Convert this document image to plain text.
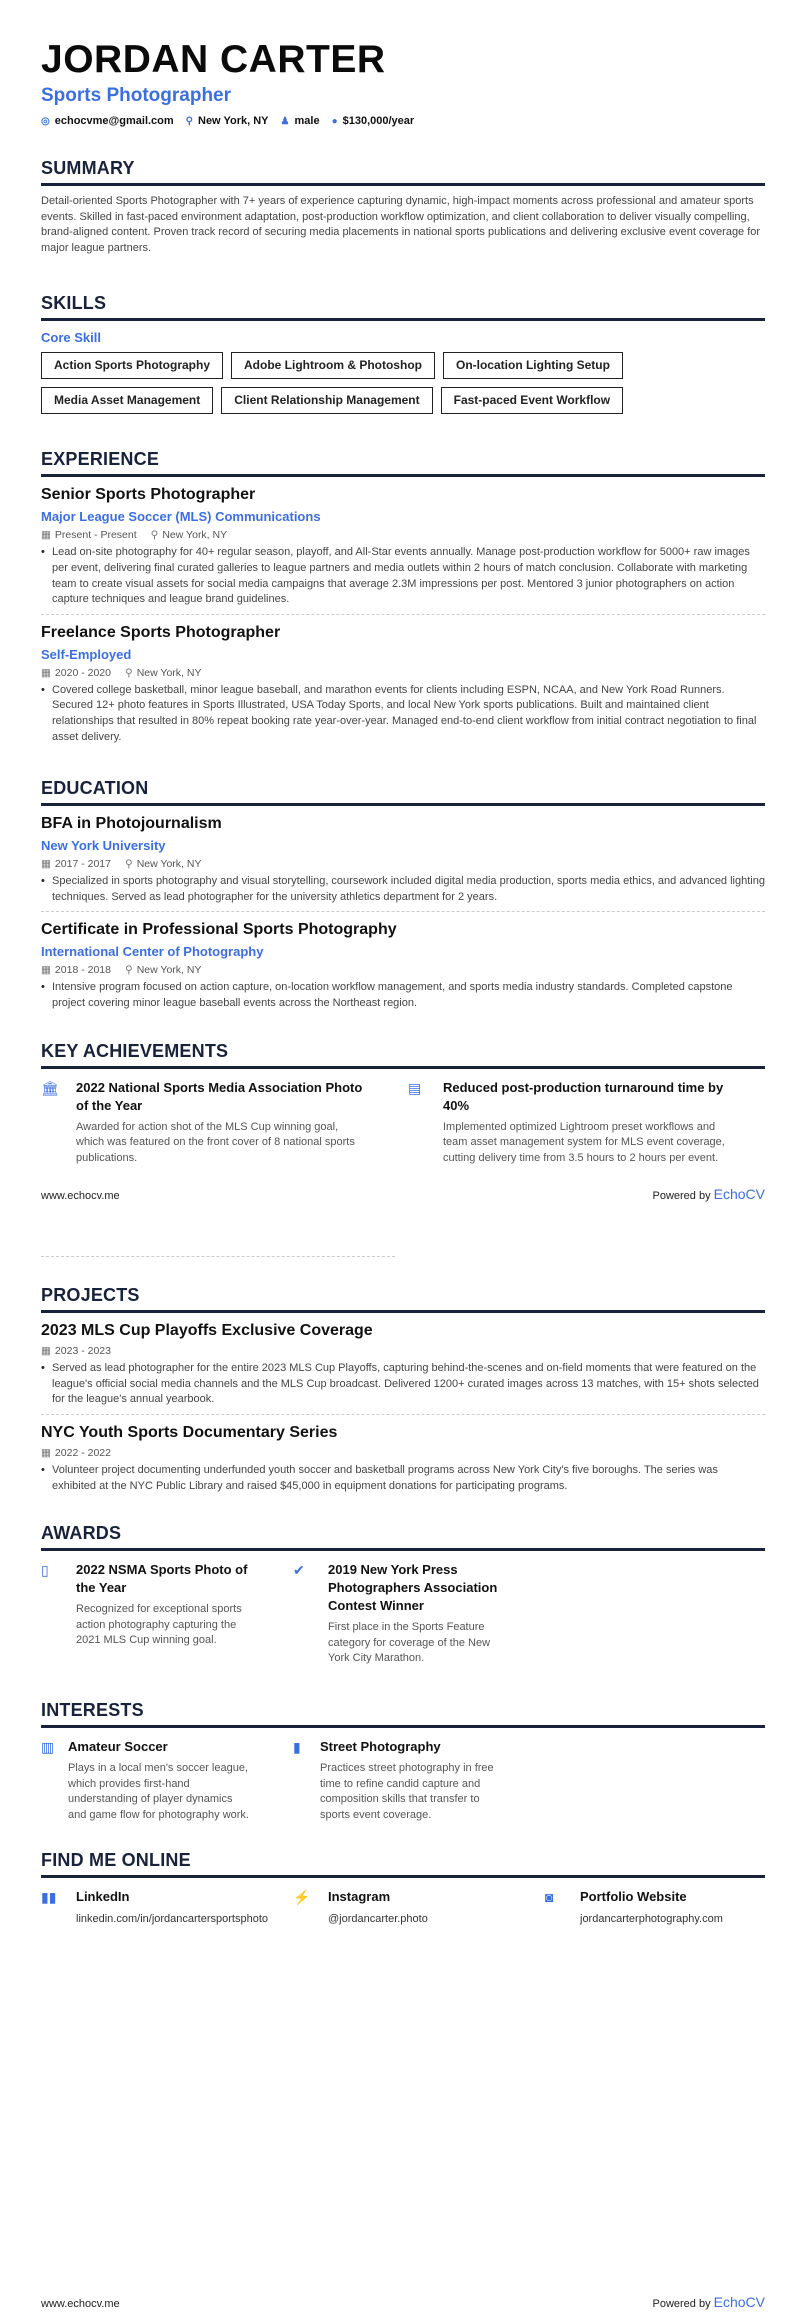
JORDAN CARTER
Sports Photographer
◎ echocvme@gmail.com ⚲ New York, NY ♟ male ● $130,000/year
SUMMARY

Detail-oriented Sports Photographer with 7+ years of experience capturing dynamic, high-impact moments across professional and amateur sports events. Skilled in fast-paced environment adaptation, post-production workflow optimization, and client collaboration to deliver visually compelling, brand-aligned content. Proven track record of securing media placements in national sports publications and delivering exclusive event coverage for major league partners.

SKILLS
Core Skill
Action Sports Photography	Adobe Lightroom & Photoshop	On-location Lighting Setup
Media Asset Management	Client Relationship Management	Fast-paced Event Workflow
EXPERIENCE
Senior Sports Photographer
Major League Soccer (MLS) Communications
▦ Present - Present ⚲ New York, NY
• Lead on-site photography for 40+ regular season, playoff, and All-Star events annually. Manage post-production workflow for 5000+ raw images per event, delivering final curated galleries to league partners and media outlets within 2 hours of match conclusion. Collaborate with marketing team to create visual assets for social media campaigns that average 2.3M impressions per post. Mentored 3 junior photographers on action capture techniques and league brand guidelines.
Freelance Sports Photographer
Self-Employed
▦ 2020 - 2020 ⚲ New York, NY
• Covered college basketball, minor league baseball, and marathon events for clients including ESPN, NCAA, and New York Road Runners. Secured 12+ photo features in Sports Illustrated, USA Today Sports, and local New York sports publications. Built and maintained client relationships that resulted in 80% repeat booking rate year-over-year. Managed end-to-end client workflow from initial contract negotiation to final asset delivery.
EDUCATION
BFA in Photojournalism
New York University
▦ 2017 - 2017 ⚲ New York, NY
• Specialized in sports photography and visual storytelling, coursework included digital media production, sports media ethics, and advanced lighting techniques. Served as lead photographer for the university athletics department for 2 years.
Certificate in Professional Sports Photography
International Center of Photography
▦ 2018 - 2018 ⚲ New York, NY
• Intensive program focused on action capture, on-location workflow management, and sports media industry standards. Completed capstone project covering minor league baseball events across the Northeast region.
KEY ACHIEVEMENTS
🏛	2022 National Sports Media Association Photo of the Year

Awarded for action shot of the MLS Cup winning goal, which was featured on the front cover of 8 national sports publications.

▤	Reduced post-production turnaround time by 40%

Implemented optimized Lightroom preset workflows and team asset management system for MLS event coverage, cutting delivery time from 3.5 hours to 2 hours per event.

www.echocv.me	Powered by EchoCV
PROJECTS
2023 MLS Cup Playoffs Exclusive Coverage
▦ 2023 - 2023
• Served as lead photographer for the entire 2023 MLS Cup Playoffs, capturing behind-the-scenes and on-field moments that were featured on the league's official social media channels and the MLS Cup broadcast. Delivered 1200+ curated images across 13 matches, with 15+ shots selected for the league's annual yearbook.
NYC Youth Sports Documentary Series
▦ 2022 - 2022
• Volunteer project documenting underfunded youth soccer and basketball programs across New York City's five boroughs. The series was exhibited at the NYC Public Library and raised $45,000 in equipment donations for participating programs.
AWARDS
▯	2022 NSMA Sports Photo of the Year

Recognized for exceptional sports action photography capturing the 2021 MLS Cup winning goal.

✔	2019 New York Press Photographers Association Contest Winner

First place in the Sports Feature category for coverage of the New York City Marathon.

INTERESTS
▥	Amateur Soccer

Plays in a local men's soccer league, which provides first-hand understanding of player dynamics and game flow for photography work.

▮	Street Photography

Practices street photography in free time to refine candid capture and composition skills that transfer to sports event coverage.

FIND ME ONLINE
▮▮	LinkedIn

linkedin.com/in/jordancartersportsphoto

⚡	Instagram

@jordancarter.photo

◙	Portfolio Website

jordancarterphotography.com

www.echocv.me	Powered by EchoCV
